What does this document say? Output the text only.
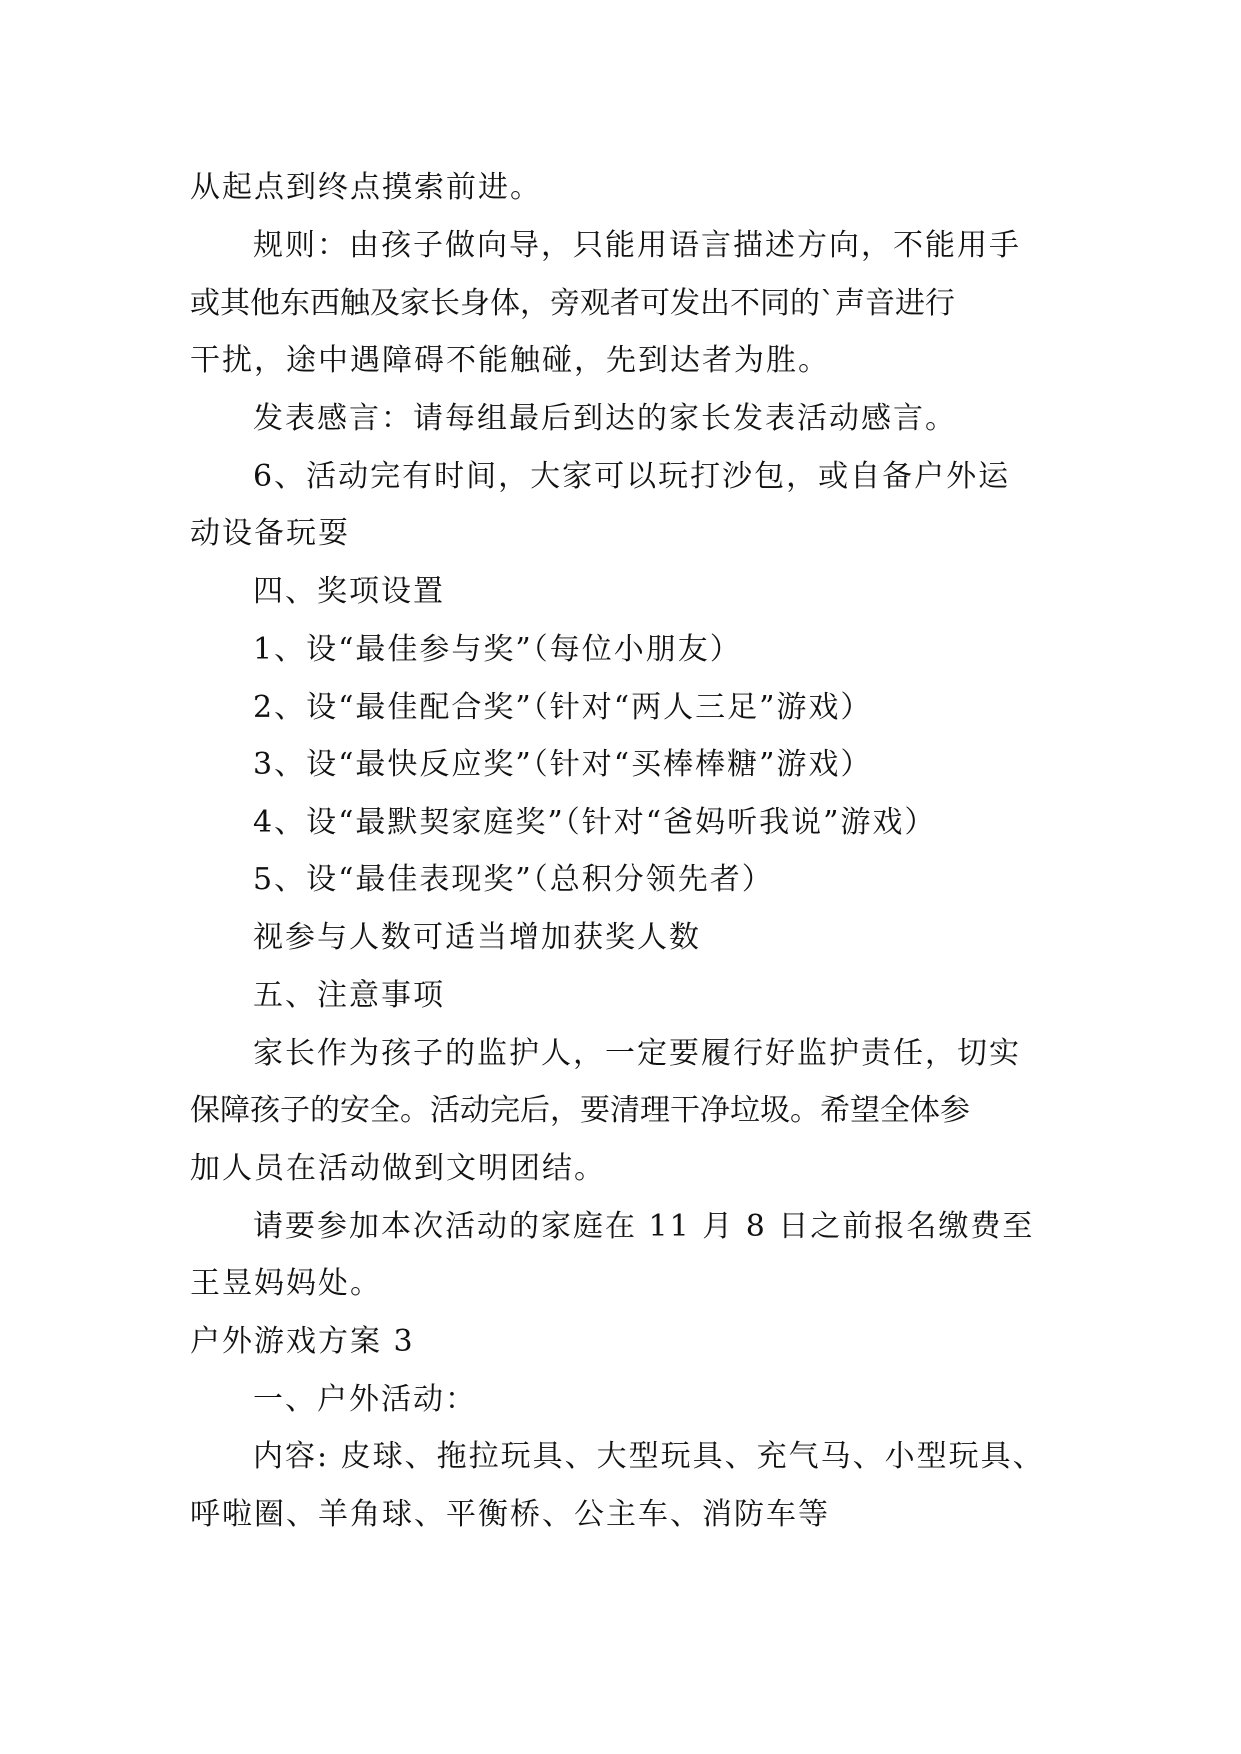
从起点到终点摸索前进。
规则：由孩子做向导，只能用语言描述方向，不能用手
或其他东西触及家长身体，旁观者可发出不同的`声音进行
干扰，途中遇障碍不能触碰，先到达者为胜。
发表感言：请每组最后到达的家长发表活动感言。
6、活动完有时间，大家可以玩打沙包，或自备户外运
动设备玩耍
四、奖项设置
1、设“最佳参与奖”（每位小朋友）
2、设“最佳配合奖”（针对“两人三足”游戏）
3、设“最快反应奖”（针对“买棒棒糖”游戏）
4、设“最默契家庭奖”（针对“爸妈听我说”游戏）
5、设“最佳表现奖”（总积分领先者）
视参与人数可适当增加获奖人数
五、注意事项
家长作为孩子的监护人，一定要履行好监护责任，切实
保障孩子的安全。活动完后，要清理干净垃圾。希望全体参
加人员在活动做到文明团结。
请要参加本次活动的家庭在 11 月 8 日之前报名缴费至
王昱妈妈处。
户外游戏方案 3
一、户外活动：
内容: 皮球、拖拉玩具、大型玩具、充气马、小型玩具、
呼啦圈、羊角球、平衡桥、公主车、消防车等
